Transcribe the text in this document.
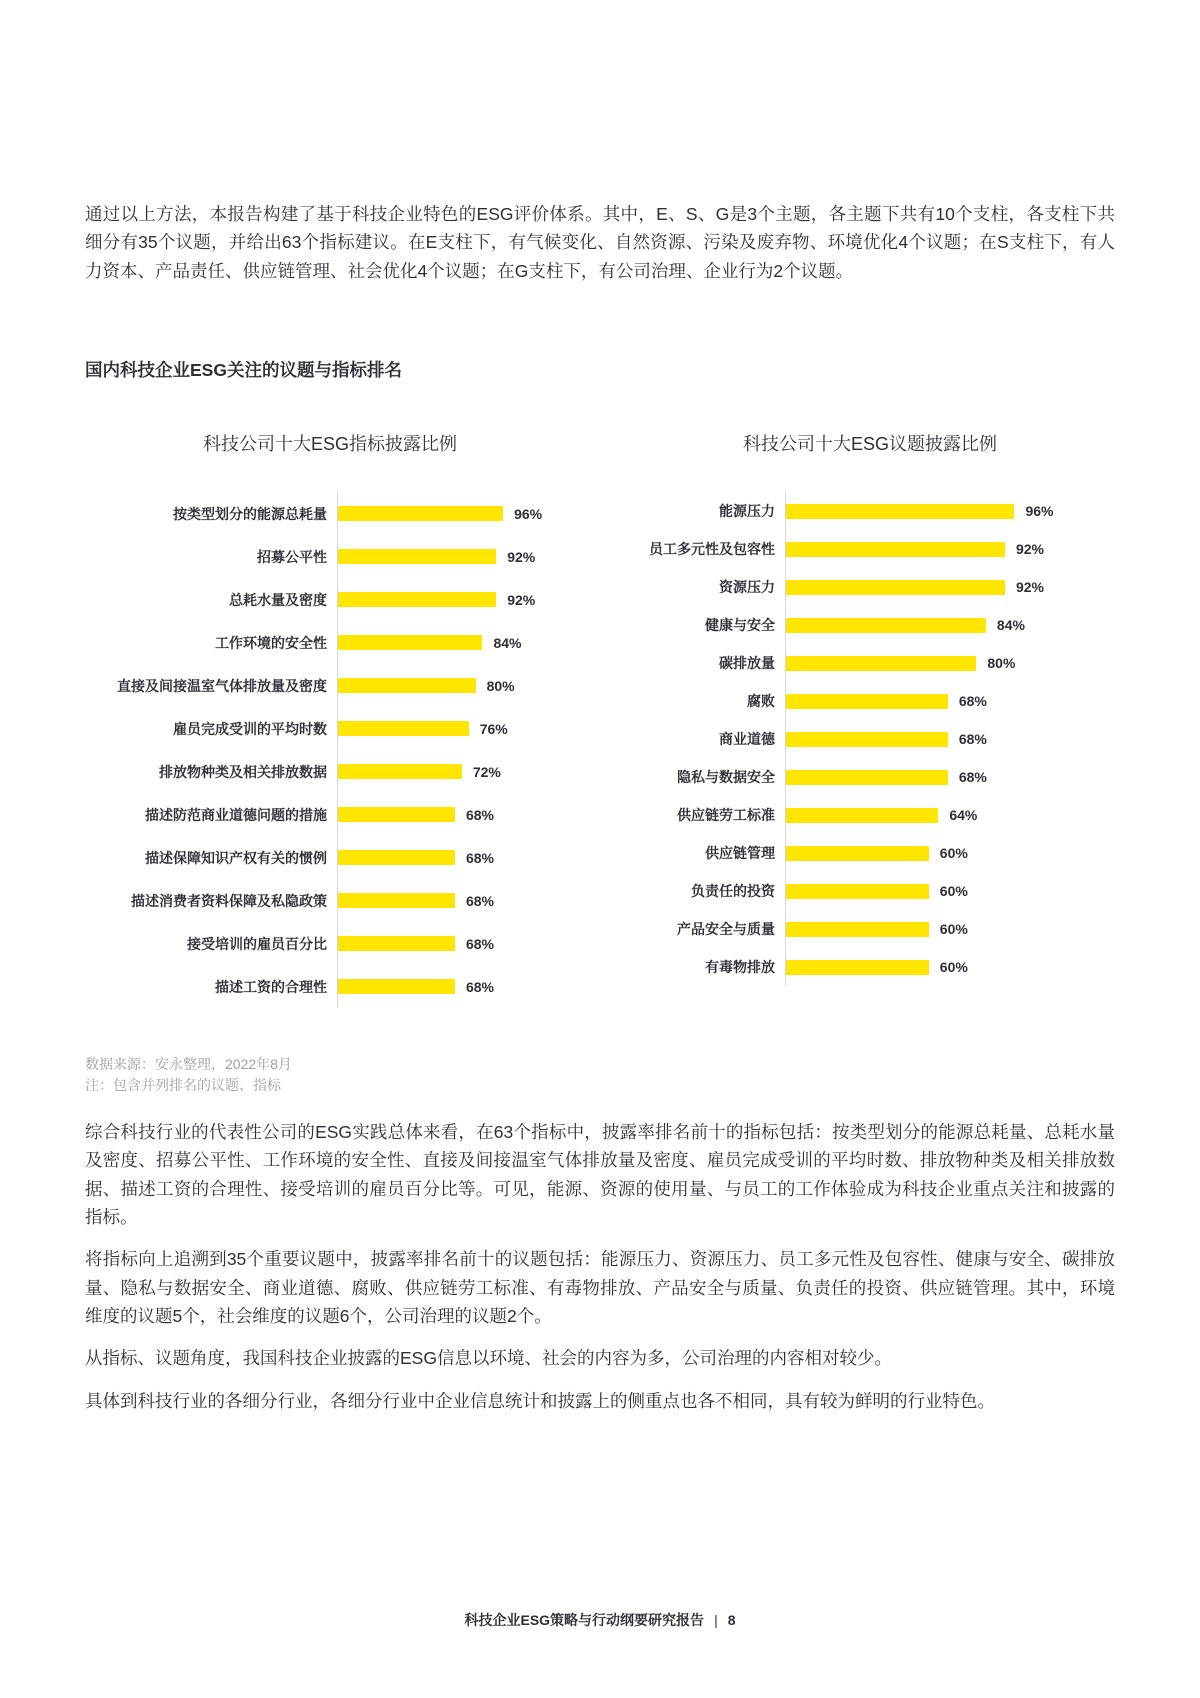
通过以上方法，本报告构建了基于科技企业特色的ESG评价体系。其中，E、S、G是3个主题，各主题下共有10个支柱，各支柱下共细分有35个议题，并给出63个指标建议。在E支柱下，有气候变化、自然资源、污染及废弃物、环境优化4个议题；在S支柱下，有人力资本、产品责任、供应链管理、社会优化4个议题；在G支柱下，有公司治理、企业行为2个议题。

国内科技企业ESG关注的议题与指标排名
科技公司十大ESG指标披露比例
按类型划分的能源总耗量	96%
招募公平性	92%
总耗水量及密度	92%
工作环境的安全性	84%
直接及间接温室气体排放量及密度	80%
雇员完成受训的平均时数	76%
排放物种类及相关排放数据	72%
描述防范商业道德问题的措施	68%
描述保障知识产权有关的惯例	68%
描述消费者资料保障及私隐政策	68%
接受培训的雇员百分比	68%
描述工资的合理性	68%
科技公司十大ESG议题披露比例
能源压力	96%
员工多元性及包容性	92%
资源压力	92%
健康与安全	84%
碳排放量	80%
腐败	68%
商业道德	68%
隐私与数据安全	68%
供应链劳工标准	64%
供应链管理	60%
负责任的投资	60%
产品安全与质量	60%
有毒物排放	60%
数据来源：安永整理，2022年8月
注：包含并列排名的议题、指标

综合科技行业的代表性公司的ESG实践总体来看，在63个指标中，披露率排名前十的指标包括：按类型划分的能源总耗量、总耗水量及密度、招募公平性、工作环境的安全性、直接及间接温室气体排放量及密度、雇员完成受训的平均时数、排放物种类及相关排放数据、描述工资的合理性、接受培训的雇员百分比等。可见，能源、资源的使用量、与员工的工作体验成为科技企业重点关注和披露的指标。

将指标向上追溯到35个重要议题中，披露率排名前十的议题包括：能源压力、资源压力、员工多元性及包容性、健康与安全、碳排放量、隐私与数据安全、商业道德、腐败、供应链劳工标准、有毒物排放、产品安全与质量、负责任的投资、供应链管理。其中，环境维度的议题5个，社会维度的议题6个，公司治理的议题2个。

从指标、议题角度，我国科技企业披露的ESG信息以环境、社会的内容为多，公司治理的内容相对较少。

具体到科技行业的各细分行业，各细分行业中企业信息统计和披露上的侧重点也各不相同，具有较为鲜明的行业特色。

科技企业ESG策略与行动纲要研究报告 | 8
